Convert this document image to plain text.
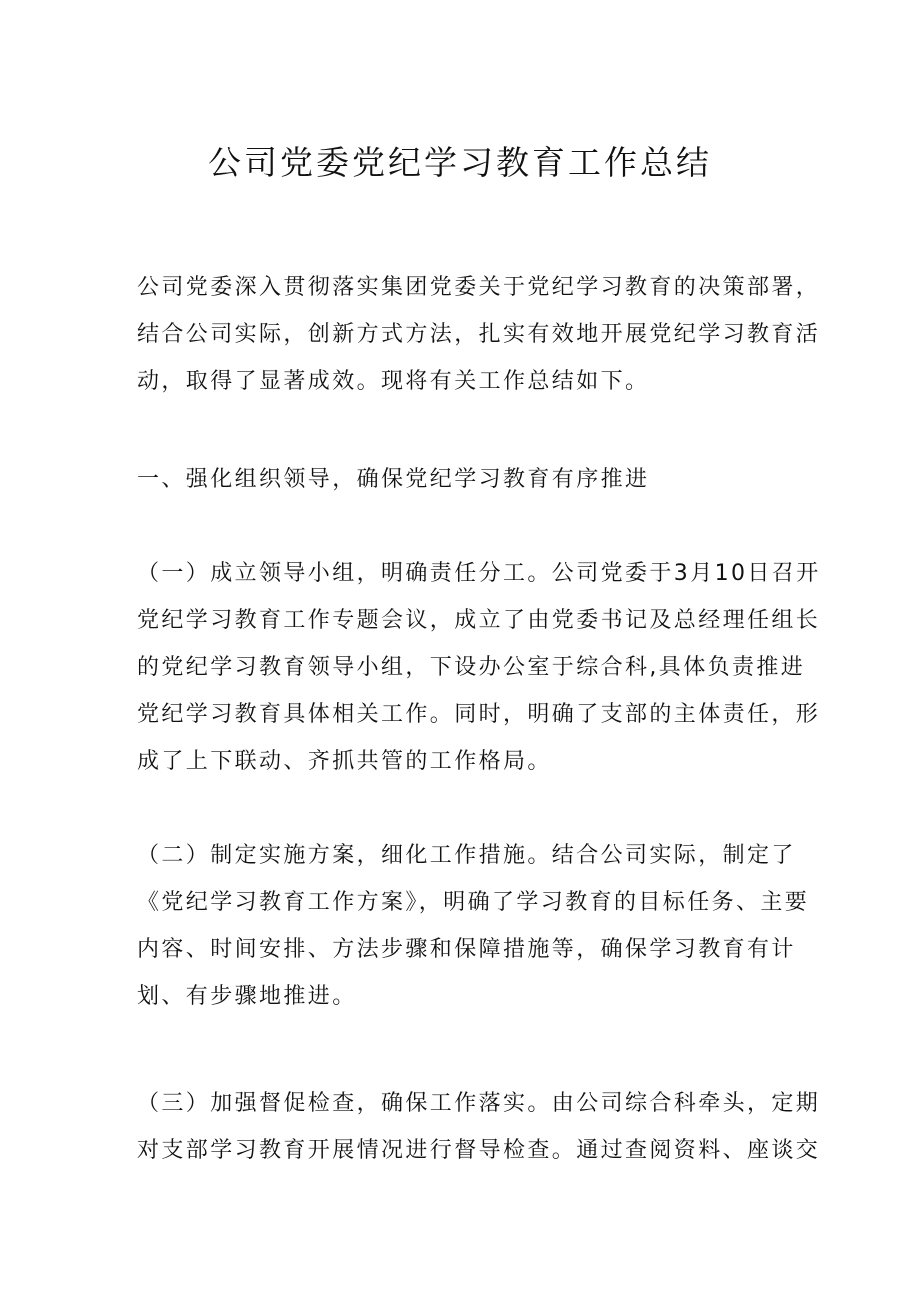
公司党委党纪学习教育工作总结

公司党委深入贯彻落实集团党委关于党纪学习教育的决策部署，
结合公司实际，创新方式方法，扎实有效地开展党纪学习教育活
动，取得了显著成效。现将有关工作总结如下。

一、强化组织领导，确保党纪学习教育有序推进

（一）成立领导小组，明确责任分工。公司党委于3月10日召开
党纪学习教育工作专题会议，成立了由党委书记及总经理任组长
的党纪学习教育领导小组，下设办公室于综合科,具体负责推进
党纪学习教育具体相关工作。同时，明确了支部的主体责任，形
成了上下联动、齐抓共管的工作格局。

（二）制定实施方案，细化工作措施。结合公司实际，制定了
《党纪学习教育工作方案》，明确了学习教育的目标任务、主要
内容、时间安排、方法步骤和保障措施等，确保学习教育有计
划、有步骤地推进。

（三）加强督促检查，确保工作落实。由公司综合科牵头，定期
对支部学习教育开展情况进行督导检查。通过查阅资料、座谈交
